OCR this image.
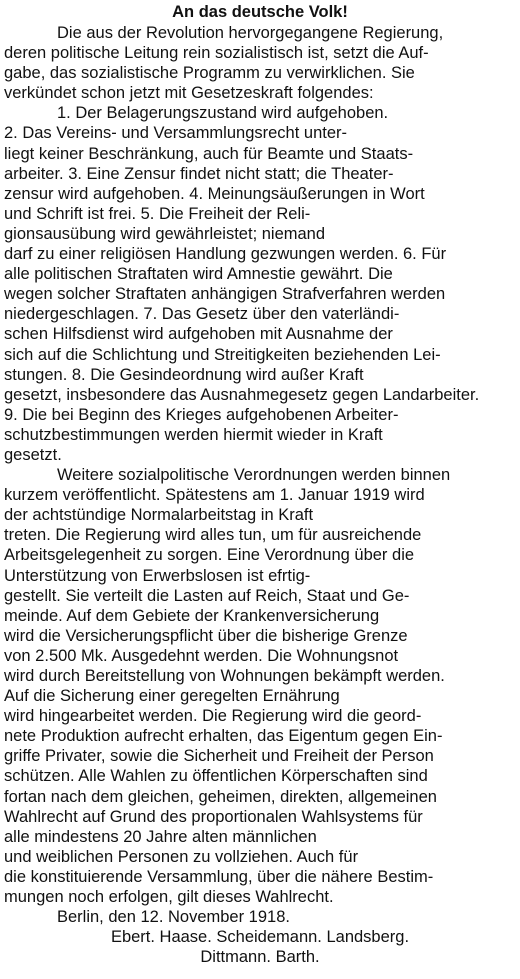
An das deutsche Volk!
Die aus der Revolution hervorgegangene Regierung,
deren politische Leitung rein sozialistisch ist, setzt die Auf-
gabe, das sozialistische Programm zu verwirklichen. Sie
verkündet schon jetzt mit Gesetzeskraft folgendes:
1. Der Belagerungszustand wird aufgehoben.
2. Das Vereins- und Versammlungsrecht unter-
liegt keiner Beschränkung, auch für Beamte und Staats-
arbeiter. 3. Eine Zensur findet nicht statt; die Theater-
zensur wird aufgehoben. 4. Meinungsäußerungen in Wort
und Schrift ist frei. 5. Die Freiheit der Reli-
gionsausübung wird gewährleistet; niemand
darf zu einer religiösen Handlung gezwungen werden. 6. Für
alle politischen Straftaten wird Amnestie gewährt. Die
wegen solcher Straftaten anhängigen Strafverfahren werden
niedergeschlagen. 7. Das Gesetz über den vaterländi-
schen Hilfsdienst wird aufgehoben mit Ausnahme der
sich auf die Schlichtung und Streitigkeiten beziehenden Lei-
stungen. 8. Die Gesindeordnung wird außer Kraft
gesetzt, insbesondere das Ausnahmegesetz gegen Landarbeiter.
9. Die bei Beginn des Krieges aufgehobenen Arbeiter-
schutzbestimmungen werden hiermit wieder in Kraft
gesetzt.
Weitere sozialpolitische Verordnungen werden binnen
kurzem veröffentlicht. Spätestens am 1. Januar 1919 wird
der achtstündige Normalarbeitstag in Kraft
treten. Die Regierung wird alles tun, um für ausreichende
Arbeitsgelegenheit zu sorgen. Eine Verordnung über die
Unterstützung von Erwerbslosen ist efrtig-
gestellt. Sie verteilt die Lasten auf Reich, Staat und Ge-
meinde. Auf dem Gebiete der Krankenversicherung
wird die Versicherungspflicht über die bisherige Grenze
von 2.500 Mk. Ausgedehnt werden. Die Wohnungsnot
wird durch Bereitstellung von Wohnungen bekämpft werden.
Auf die Sicherung einer geregelten Ernährung
wird hingearbeitet werden. Die Regierung wird die geord-
nete Produktion aufrecht erhalten, das Eigentum gegen Ein-
griffe Privater, sowie die Sicherheit und Freiheit der Person
schützen. Alle Wahlen zu öffentlichen Körperschaften sind
fortan nach dem gleichen, geheimen, direkten, allgemeinen
Wahlrecht auf Grund des proportionalen Wahlsystems für
alle mindestens 20 Jahre alten männlichen
und weiblichen Personen zu vollziehen. Auch für
die konstituierende Versammlung, über die nähere Bestim-
mungen noch erfolgen, gilt dieses Wahlrecht.
Berlin, den 12. November 1918.
Ebert. Haase. Scheidemann. Landsberg.
Dittmann. Barth.
